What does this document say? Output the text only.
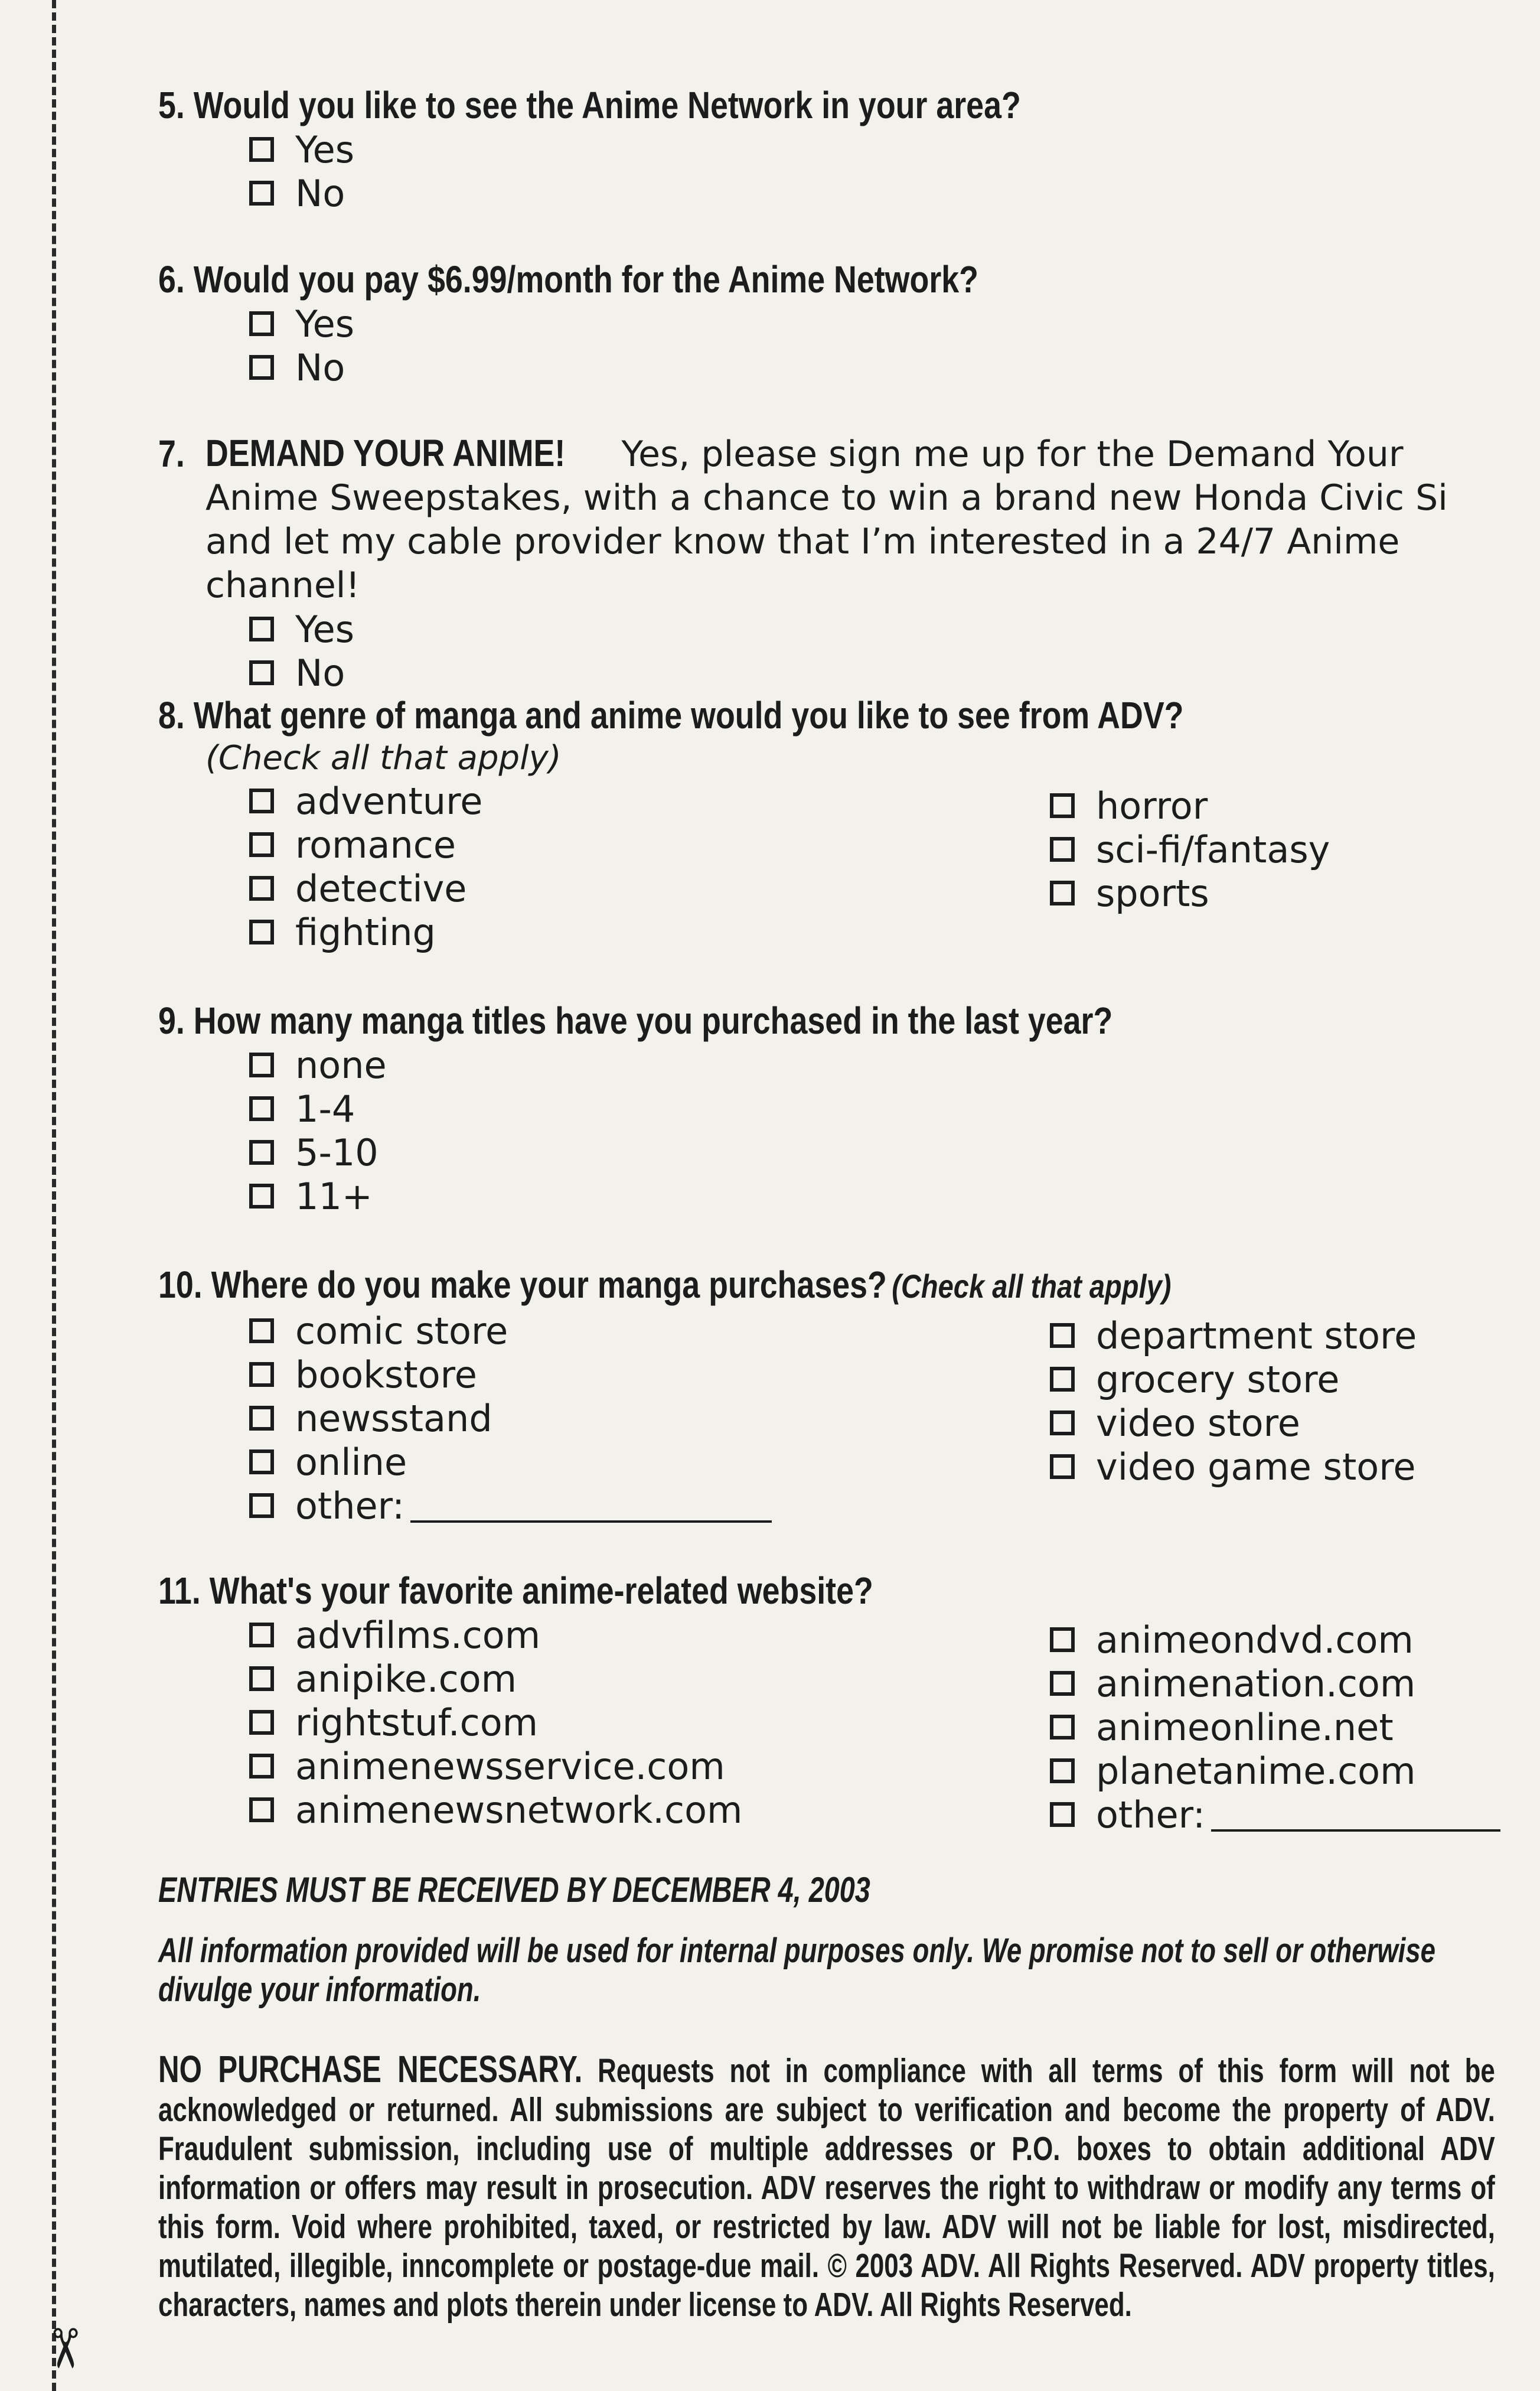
✂

5. Would you like to see the Anime Network in your area?

Yes
No

6. Would you pay $6.99/month for the Anime Network?

Yes
No
7. DEMAND YOUR ANIME! Yes, please sign me up for the Demand Your Anime Sweepstakes, with a chance to win a brand new Honda Civic Si and let my cable provider know that I’m interested in a 24/7 Anime channel!

Yes
No

8. What genre of manga and anime would you like to see from ADV?

(Check all that apply)

adventure
romance
detective
fighting
horror
sci-fi/fantasy
sports

9. How many manga titles have you purchased in the last year?

none
1-4
5-10
11+

10. Where do you make your manga purchases? (Check all that apply)

comic store
bookstore
newsstand
online
other:
department store
grocery store
video store
video game store

11. What's your favorite anime-related website?

advfilms.com
anipike.com
rightstuf.com
animenewsservice.com
animenewsnetwork.com
animeondvd.com
animenation.com
animeonline.net
planetanime.com
other:
ENTRIES MUST BE RECEIVED BY DECEMBER 4, 2003
All information provided will be used for internal purposes only. We promise not to sell or otherwise divulge your information.
NO PURCHASE NECESSARY. Requests not in compliance with all terms of this form will not be acknowledged or returned. All submissions are subject to verification and become the property of ADV. Fraudulent submission, including use of multiple addresses or P.O. boxes to obtain additional ADV information or offers may result in prosecution. ADV reserves the right to withdraw or modify any terms of this form. Void where prohibited, taxed, or restricted by law. ADV will not be liable for lost, misdirected, mutilated, illegible, inncomplete or postage-due mail. © 2003 ADV. All Rights Reserved. ADV property titles, characters, names and plots therein under license to ADV. All Rights Reserved.
